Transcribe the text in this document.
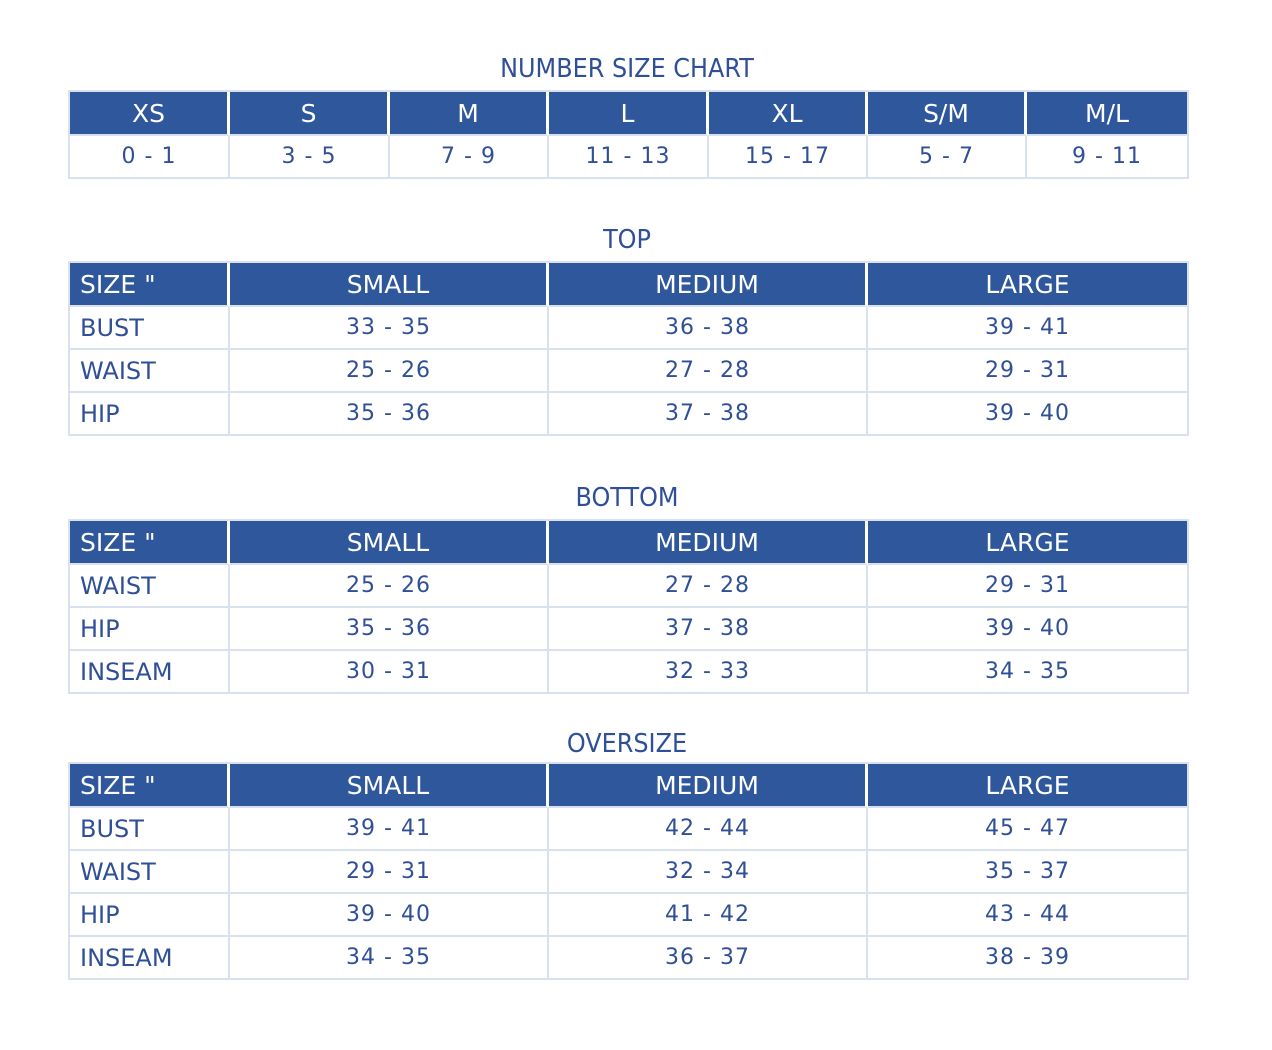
NUMBER SIZE CHART
XS	S	M	L	XL	S/M	M/L
0 - 1	3 - 5	7 - 9	11 - 13	15 - 17	5 - 7	9 - 11
TOP
SIZE "	SMALL	MEDIUM	LARGE
BUST	33 - 35	36 - 38	39 - 41
WAIST	25 - 26	27 - 28	29 - 31
HIP	35 - 36	37 - 38	39 - 40
BOTTOM
SIZE "	SMALL	MEDIUM	LARGE
WAIST	25 - 26	27 - 28	29 - 31
HIP	35 - 36	37 - 38	39 - 40
INSEAM	30 - 31	32 - 33	34 - 35
OVERSIZE
SIZE "	SMALL	MEDIUM	LARGE
BUST	39 - 41	42 - 44	45 - 47
WAIST	29 - 31	32 - 34	35 - 37
HIP	39 - 40	41 - 42	43 - 44
INSEAM	34 - 35	36 - 37	38 - 39
